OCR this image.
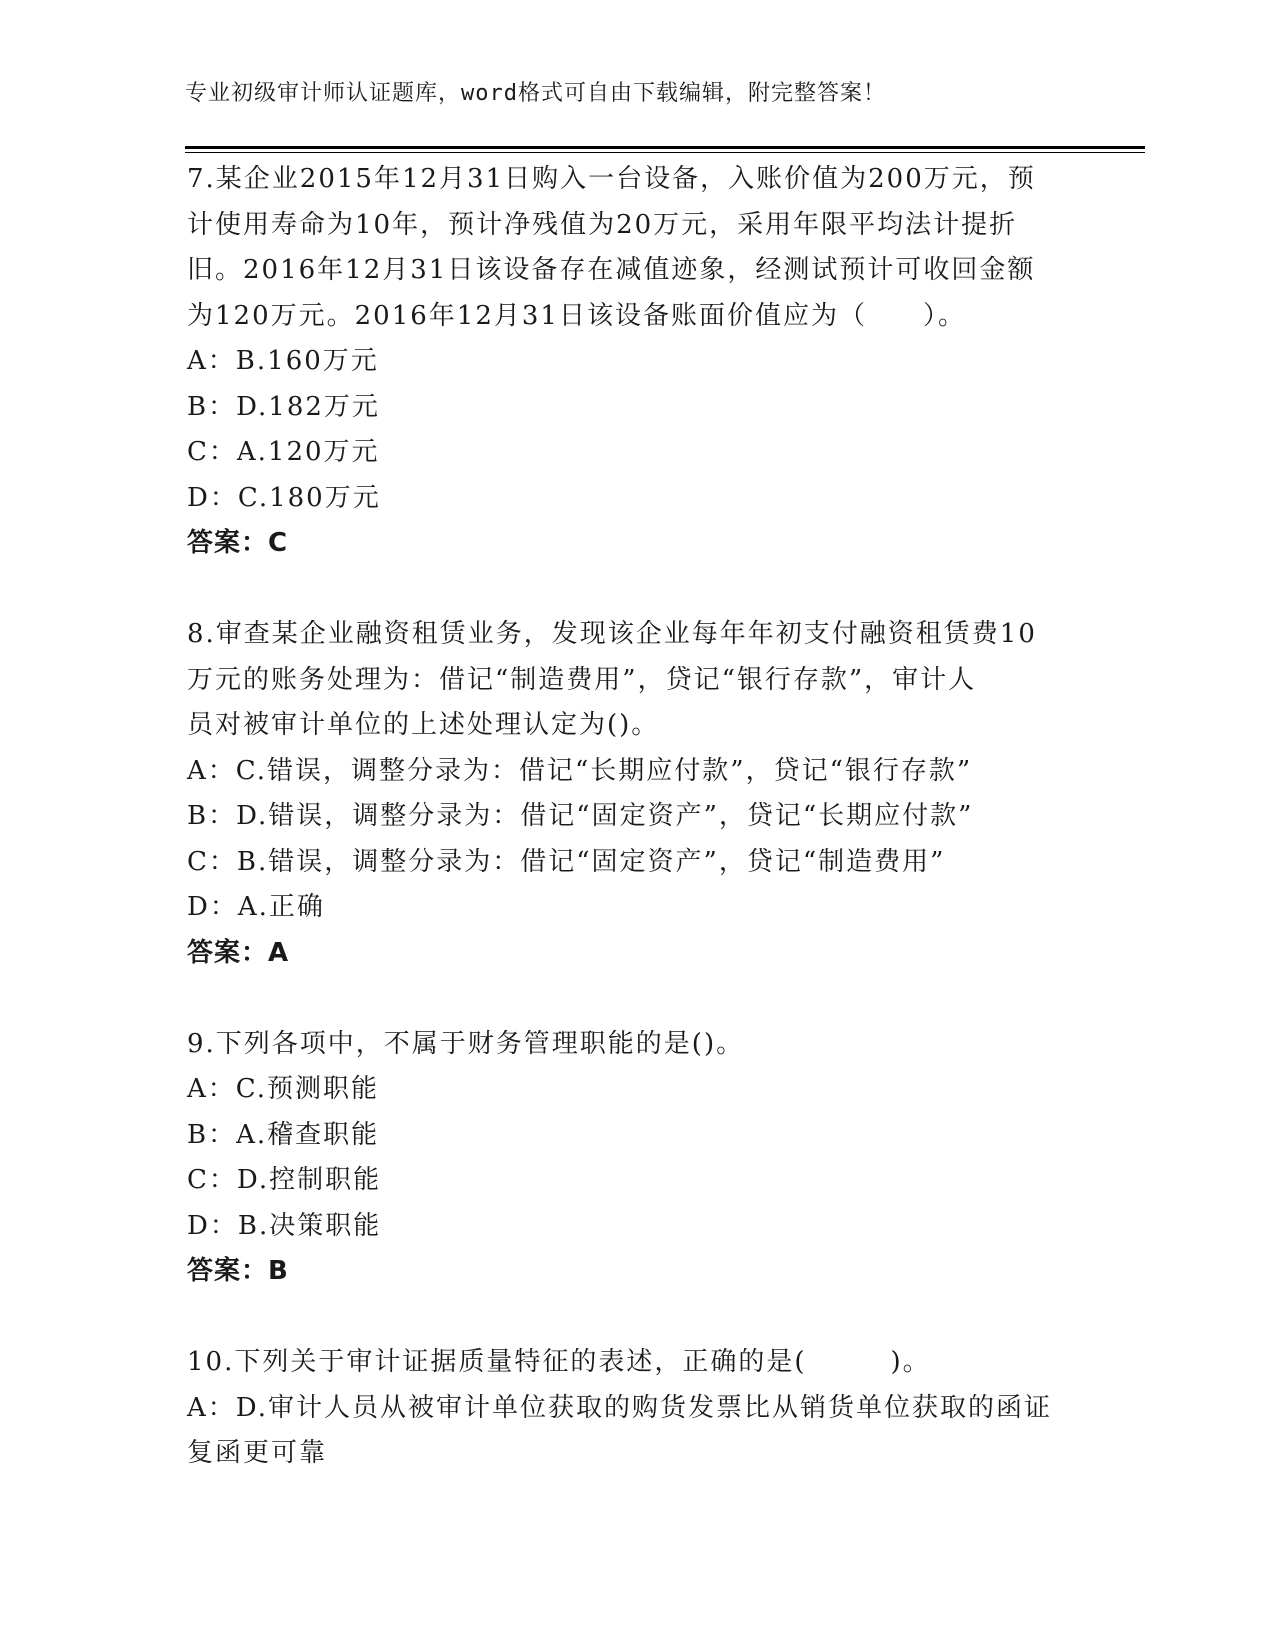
专业初级审计师认证题库，word格式可自由下载编辑，附完整答案！
7.某企业2015年12月31日购入一台设备，入账价值为200万元，预
计使用寿命为10年，预计净残值为20万元，采用年限平均法计提折
旧。2016年12月31日该设备存在减值迹象，经测试预计可收回金额
为120万元。2016年12月31日该设备账面价值应为（　　）。
A：B.160万元
B：D.182万元
C：A.120万元
D：C.180万元
答案：C
8.审查某企业融资租赁业务，发现该企业每年年初支付融资租赁费10
万元的账务处理为：借记“制造费用”，贷记“银行存款”，审计人
员对被审计单位的上述处理认定为()。
A：C.错误，调整分录为：借记“长期应付款”，贷记“银行存款”
B：D.错误，调整分录为：借记“固定资产”，贷记“长期应付款”
C：B.错误，调整分录为：借记“固定资产”，贷记“制造费用”
D：A.正确
答案：A
9.下列各项中，不属于财务管理职能的是()。
A：C.预测职能
B：A.稽查职能
C：D.控制职能
D：B.决策职能
答案：B
10.下列关于审计证据质量特征的表述，正确的是(　　　)。
A：D.审计人员从被审计单位获取的购货发票比从销货单位获取的函证
复函更可靠
